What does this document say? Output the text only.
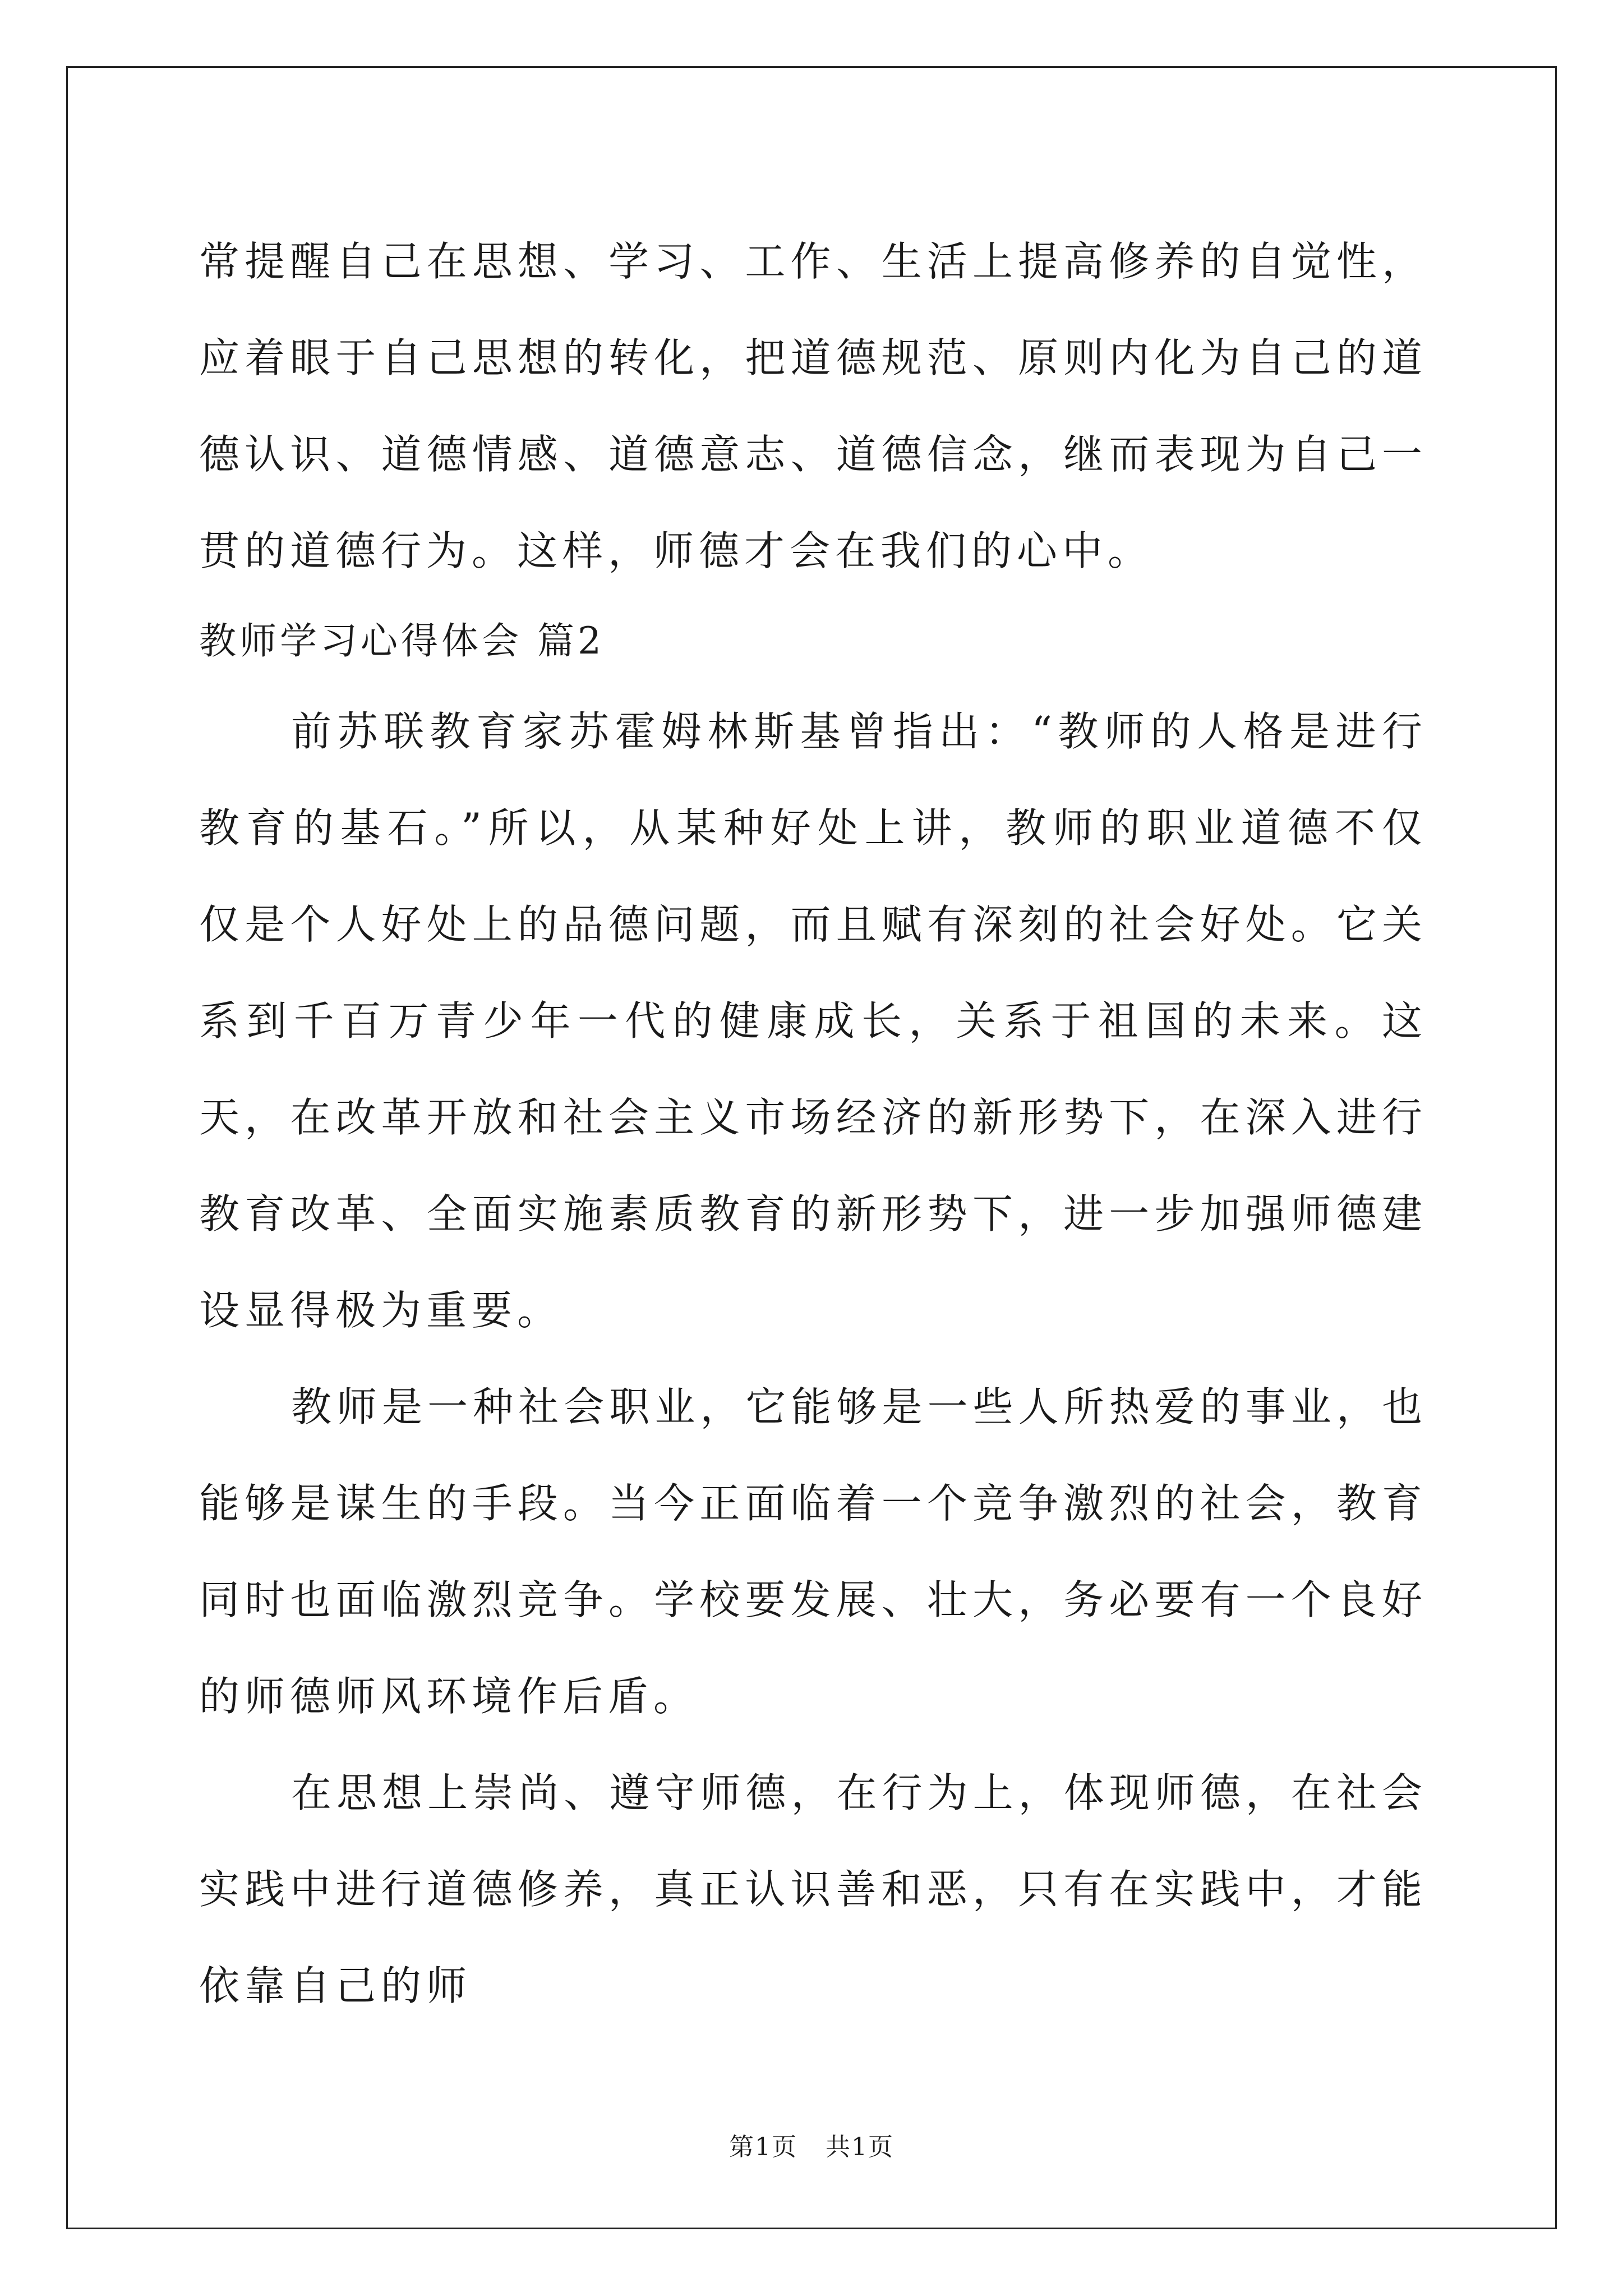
常提醒自己在思想、学习、工作、生活上提高修养的自觉性，应着眼于自己思想的转化，把道德规范、原则内化为自己的道德认识、道德情感、道德意志、道德信念，继而表现为自己一贯的道德行为。这样，师德才会在我们的心中。

教师学习心得体会 篇2

前苏联教育家苏霍姆林斯基曾指出：“教师的人格是进行教育的基石。”所以，从某种好处上讲，教师的职业道德不仅仅是个人好处上的品德问题，而且赋有深刻的社会好处。它关系到千百万青少年一代的健康成长，关系于祖国的未来。这天，在改革开放和社会主义市场经济的新形势下，在深入进行教育改革、全面实施素质教育的新形势下，进一步加强师德建设显得极为重要。

教师是一种社会职业，它能够是一些人所热爱的事业，也能够是谋生的手段。当今正面临着一个竞争激烈的社会，教育同时也面临激烈竞争。学校要发展、壮大，务必要有一个良好的师德师风环境作后盾。

在思想上崇尚、遵守师德，在行为上，体现师德，在社会实践中进行道德修养，真正认识善和恶，只有在实践中，才能依靠自己的师

第1页 共1页
